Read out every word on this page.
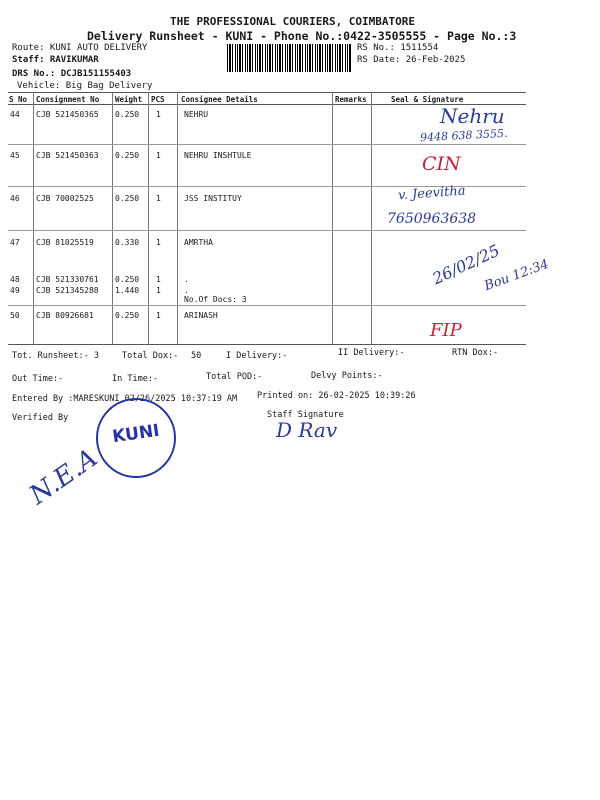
THE PROFESSIONAL COURIERS, COIMBATORE
Delivery Runsheet - KUNI - Phone No.:0422-3505555 - Page No.:3
Route: KUNI AUTO DELIVERY
Staff: RAVIKUMAR
DRS No.: DCJB151155403
Vehicle: Big Bag Delivery
RS No.: 1511554
RS Date: 26-Feb-2025
S No Consignment No Weight PCS Consignee Details	Remarks	Seal & Signature
44 CJB 521450365 0.250 1	NEHRU
45 CJB 521450363 0.250 1	NEHRU INSHTULE
46 CJB 70002525	0.250 1	JSS INSTITUY
47 CJB 81025519	0.330 1	AMRTHA
48 CJB 521330761 0.250 1	.
49 CJB 521345288 1.440 1	.
No.Of Docs: 3
50 CJB 80926681	0.250 1	ARINASH
Nehru
9448 638 3555.
CIN
v. Jeevitha
7650963638
26/02/25
Bou 12:34
FIP
Tot. Runsheet:- 3	Total Dox:- 50	I Delivery:-	II Delivery:-	RTN Dox:-
Out Time:-	In Time:-	Total POD:-	Delvy Points:-
Entered By :MARESKUNI 02/26/2025 10:37:19 AM Printed on: 26-02-2025 10:39:26
Verified By	Staff Signature
KUNI	D Rav
N.E.A
